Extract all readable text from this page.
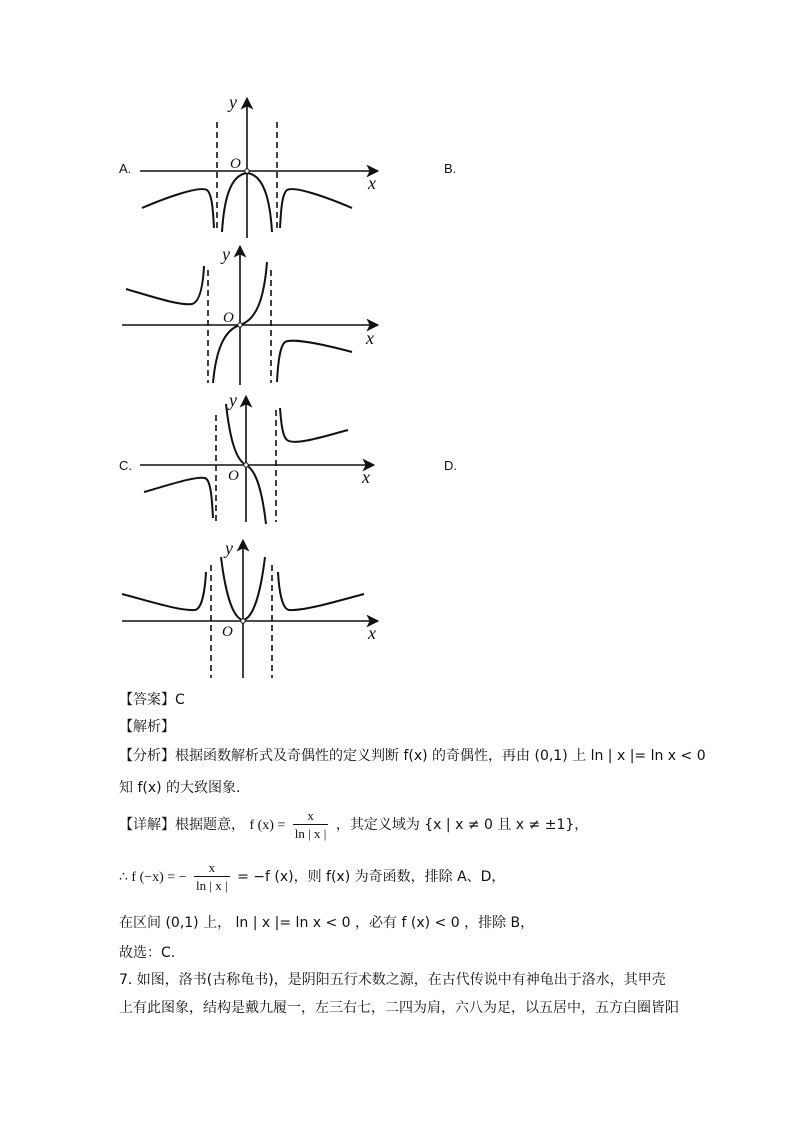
A.	B.
C.	D.
y
x
O
y
x
O
y
x
O
y
x
O
【答案】C
【解析】
【分析】根据函数解析式及奇偶性的定义判断 f(x) 的奇偶性，再由 (0,1) 上 ln | x |= ln x < 0
知 f(x) 的大致图象.
【详解】根据题意， f $(x) = \frac{x}{\ln | x |}$ ，其定义域为 {x | x ≠ 0 且 x ≠ ±1}，
∴ f (−x) = − $\frac{x}{\ln | x |} = -f$ (x)，则 f(x) 为奇函数，排除 A、D，
在区间 (0,1) 上， ln | x |= ln x < 0 ，必有 f (x) < 0 ，排除 B，
故选：C.
7. 如图，洛书(古称龟书)，是阴阳五行术数之源，在古代传说中有神龟出于洛水，其甲壳
上有此图象，结构是戴九履一，左三右七，二四为肩，六八为足，以五居中，五方白圈皆阳
